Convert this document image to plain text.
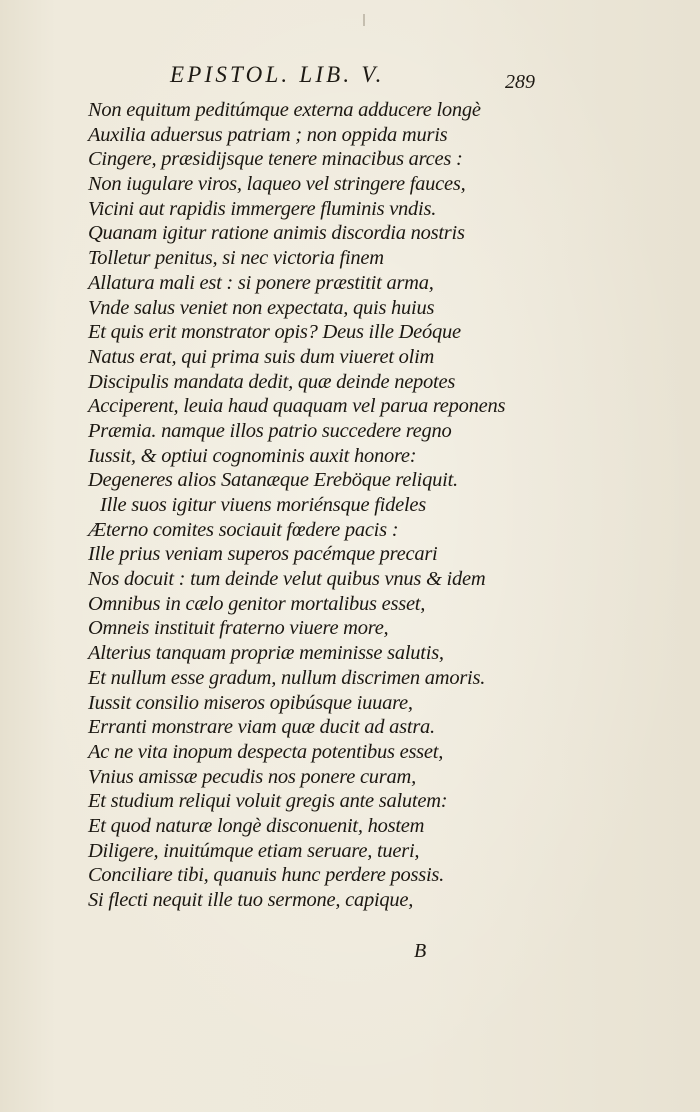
EPISTOL. LIB. V.	289
Non equitum peditúmque externa adducere longè
Auxilia aduersus patriam ; non oppida muris
Cingere, præsidijsque tenere minacibus arces :
Non iugulare viros, laqueo vel stringere fauces,
Vicini aut rapidis immergere fluminis vndis.
Quanam igitur ratione animis discordia nostris
Tolletur penitus, si nec victoria finem
Allatura mali est : si ponere præstitit arma,
Vnde salus veniet non expectata, quis huius
Et quis erit monstrator opis? Deus ille Deóque
Natus erat, qui prima suis dum viueret olim
Discipulis mandata dedit, quæ deinde nepotes
Acciperent, leuia haud quaquam vel parua reponens
Præmia. namque illos patrio succedere regno
Iussit, & optiui cognominis auxit honore:
Degeneres alios Satanæque Ereböque reliquit.
Ille suos igitur viuens moriénsque fideles
Æterno comites sociauit fœdere pacis :
Ille prius veniam superos pacémque precari
Nos docuit : tum deinde velut quibus vnus & idem
Omnibus in cælo genitor mortalibus esset,
Omneis instituit fraterno viuere more,
Alterius tanquam propriæ meminisse salutis,
Et nullum esse gradum, nullum discrimen amoris.
Iussit consilio miseros opibúsque iuuare,
Erranti monstrare viam quæ ducit ad astra.
Ac ne vita inopum despecta potentibus esset,
Vnius amissæ pecudis nos ponere curam,
Et studium reliqui voluit gregis ante salutem:
Et quod naturæ longè disconuenit, hostem
Diligere, inuitúmque etiam seruare, tueri,
Conciliare tibi, quanuis hunc perdere possis.
Si flecti nequit ille tuo sermone, capique,
B
